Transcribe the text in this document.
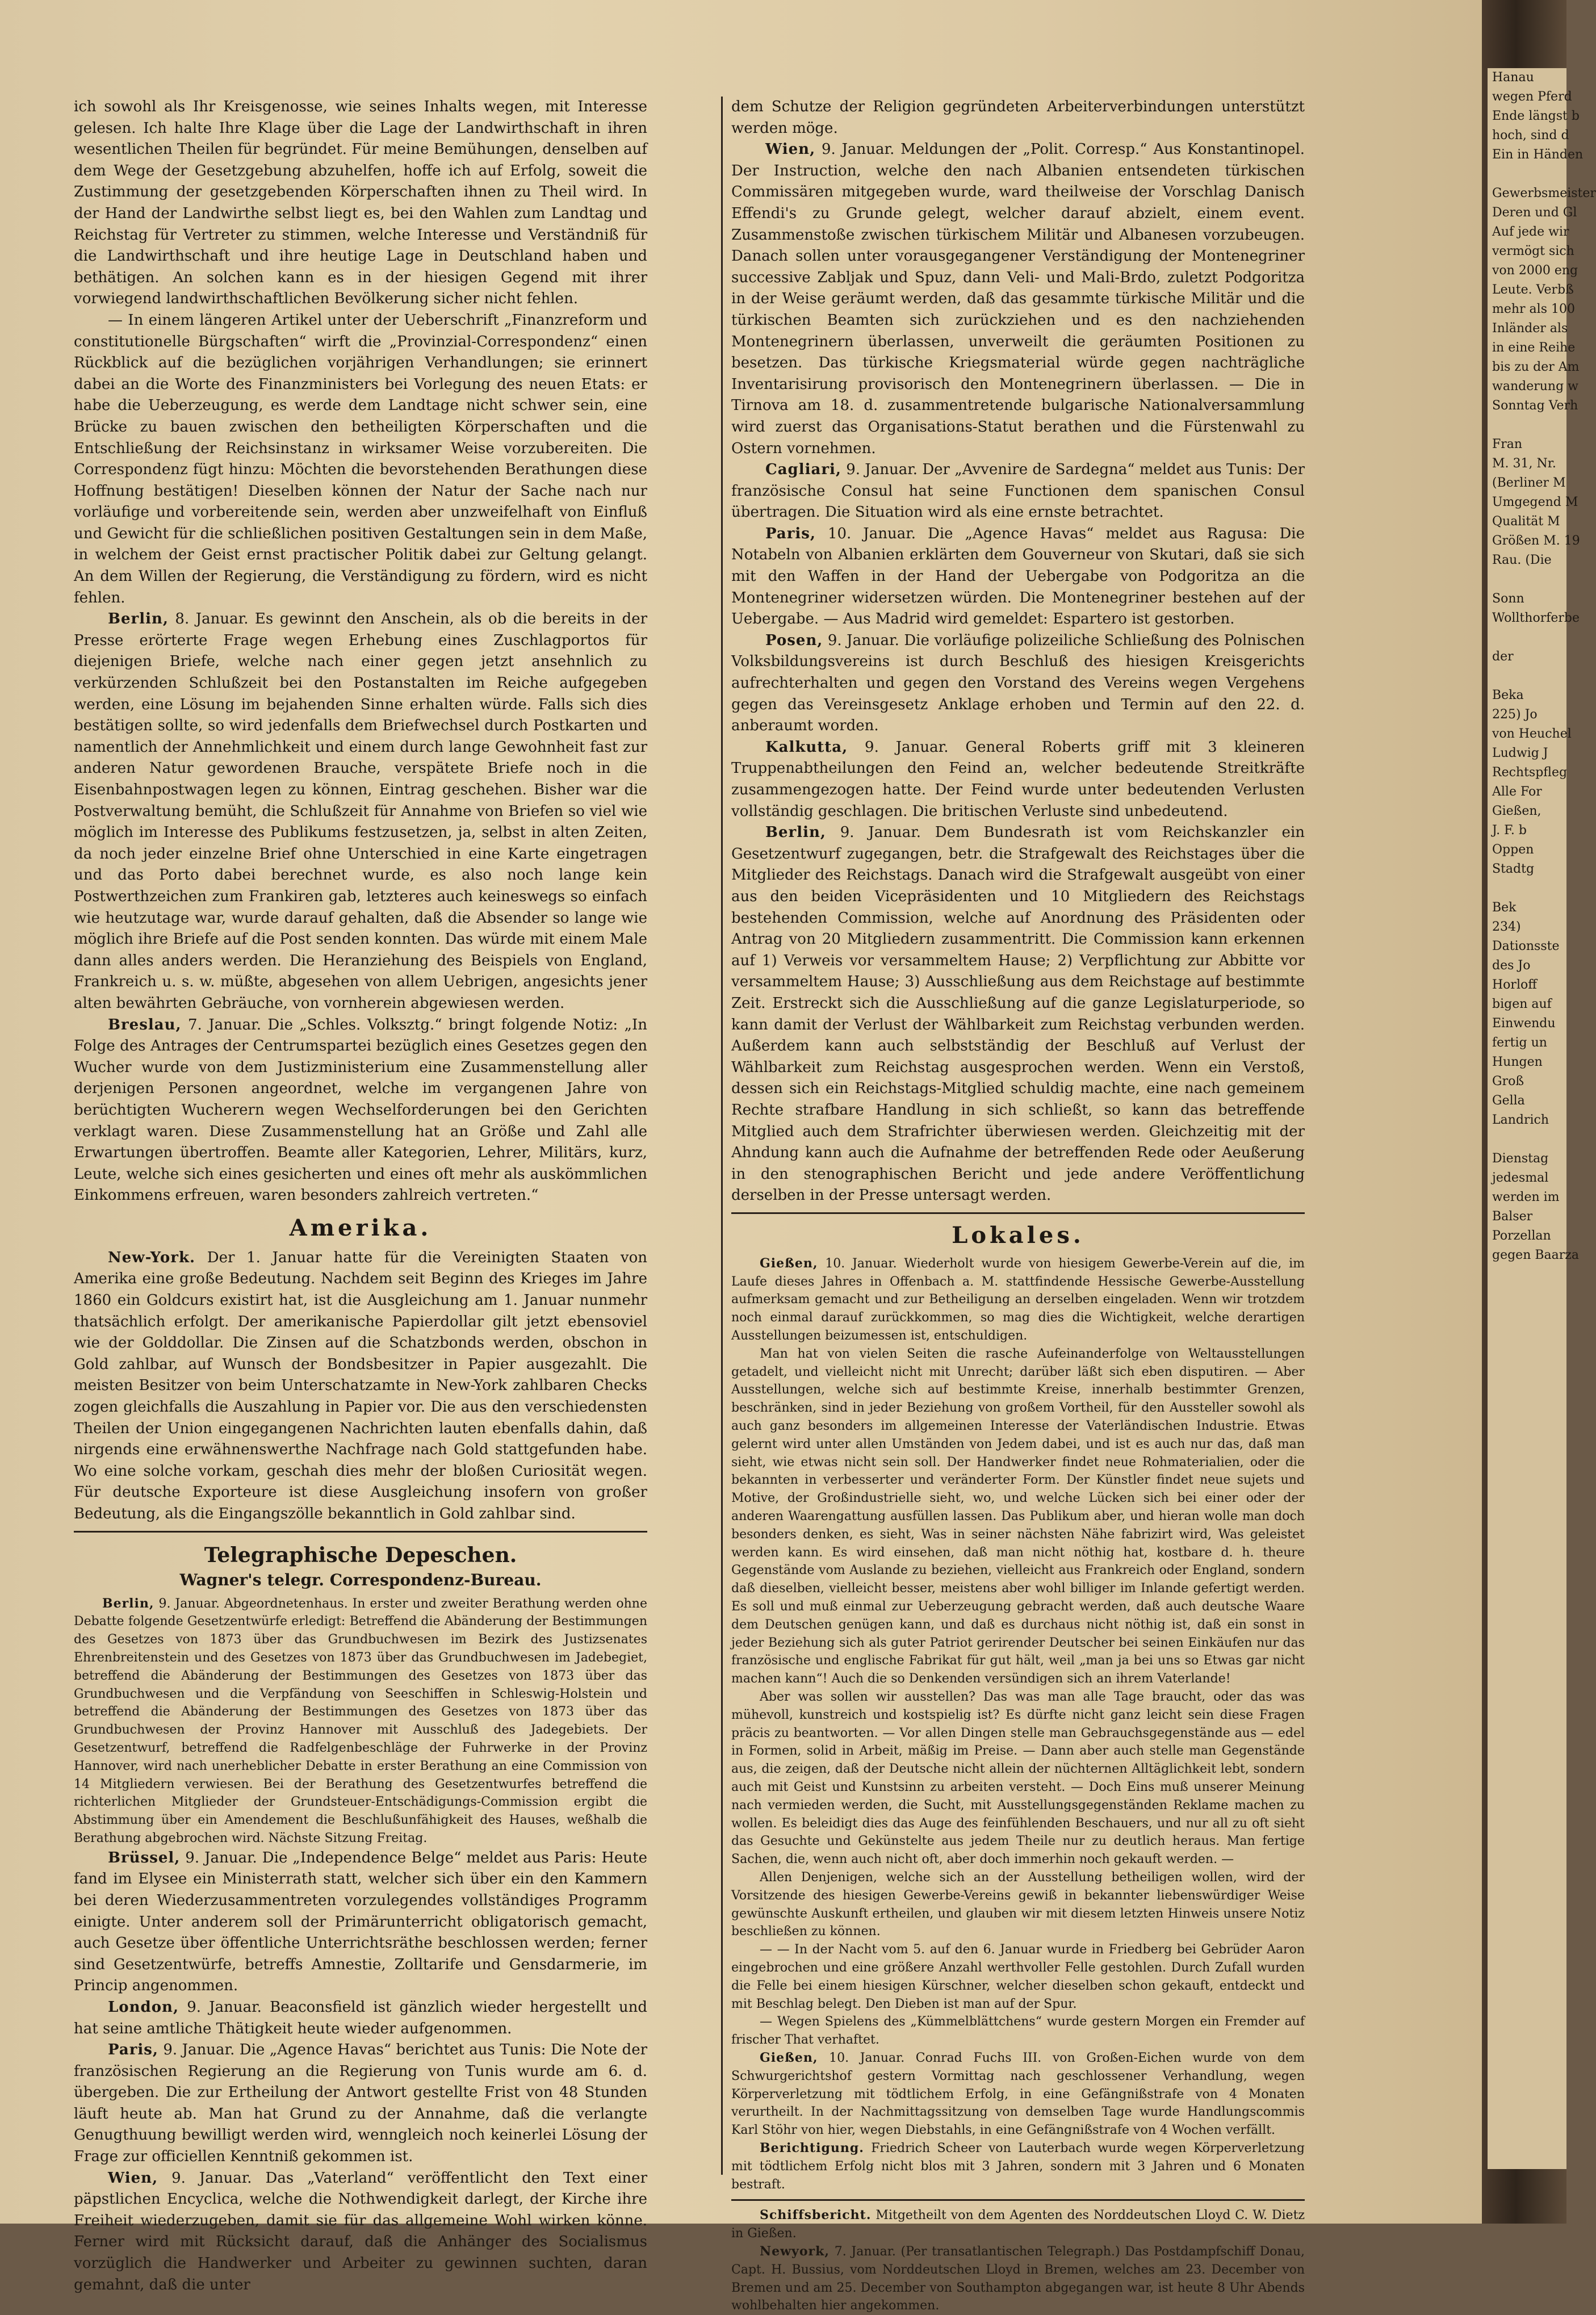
Hanau

wegen Pferd

Ende längst b

hoch, sind d

Ein in Händen

Gewerbsmeister

Deren und Gl

Auf jede wir

vermögt sich

von 2000 eng

Leute. Verbß

mehr als 100

Inländer als

in eine Reihe

bis zu der Am

wanderung w

Sonntag Verh

Fran

M. 31, Nr.

(Berliner M

Umgegend M

Qualität M

Größen M. 19

Rau. (Die

Sonn

Wollthorferbe

der

Beka

225) Jo

von Heuchel

Ludwig J

Rechtspfleg

Alle For

Gießen,

J. F. b

Oppen

Stadtg

Bek

234)

Dationsste

des Jo

Horloff

bigen auf

Einwendu

fertig un

Hungen

Groß

Gella

Landrich

Dienstag

jedesmal

werden im

Balser

Porzellan

gegen Baarza

ich sowohl als Ihr Kreisgenosse, wie seines Inhalts wegen, mit Interesse gelesen. Ich halte Ihre Klage über die Lage der Landwirthschaft in ihren wesentlichen Theilen für begründet. Für meine Bemühungen, denselben auf dem Wege der Gesetzgebung abzuhelfen, hoffe ich auf Erfolg, soweit die Zustimmung der gesetzgebenden Körperschaften ihnen zu Theil wird. In der Hand der Landwirthe selbst liegt es, bei den Wahlen zum Landtag und Reichstag für Vertreter zu stimmen, welche Interesse und Verständniß für die Landwirthschaft und ihre heutige Lage in Deutschland haben und bethätigen. An solchen kann es in der hiesigen Gegend mit ihrer vorwiegend landwirthschaftlichen Bevölkerung sicher nicht fehlen.

— In einem längeren Artikel unter der Ueberschrift „Finanzreform und constitutionelle Bürgschaften“ wirft die „Provinzial-Correspondenz“ einen Rückblick auf die bezüglichen vorjährigen Verhandlungen; sie erinnert dabei an die Worte des Finanzministers bei Vorlegung des neuen Etats: er habe die Ueberzeugung, es werde dem Landtage nicht schwer sein, eine Brücke zu bauen zwischen den betheiligten Körperschaften und die Entschließung der Reichsinstanz in wirksamer Weise vorzubereiten. Die Correspondenz fügt hinzu: Möchten die bevorstehenden Berathungen diese Hoffnung bestätigen! Dieselben können der Natur der Sache nach nur vorläufige und vorbereitende sein, werden aber unzweifelhaft von Einfluß und Gewicht für die schließlichen positiven Gestaltungen sein in dem Maße, in welchem der Geist ernst practischer Politik dabei zur Geltung gelangt. An dem Willen der Regierung, die Verständigung zu fördern, wird es nicht fehlen.

Berlin, 8. Januar. Es gewinnt den Anschein, als ob die bereits in der Presse erörterte Frage wegen Erhebung eines Zuschlagportos für diejenigen Briefe, welche nach einer gegen jetzt ansehnlich zu verkürzenden Schlußzeit bei den Postanstalten im Reiche aufgegeben werden, eine Lösung im bejahenden Sinne erhalten würde. Falls sich dies bestätigen sollte, so wird jedenfalls dem Briefwechsel durch Postkarten und namentlich der Annehmlichkeit und einem durch lange Gewohnheit fast zur anderen Natur gewordenen Brauche, verspätete Briefe noch in die Eisenbahnpostwagen legen zu können, Eintrag geschehen. Bisher war die Postverwaltung bemüht, die Schlußzeit für Annahme von Briefen so viel wie möglich im Interesse des Publikums festzusetzen, ja, selbst in alten Zeiten, da noch jeder einzelne Brief ohne Unterschied in eine Karte eingetragen und das Porto dabei berechnet wurde, es also noch lange kein Postwerthzeichen zum Frankiren gab, letzteres auch keineswegs so einfach wie heutzutage war, wurde darauf gehalten, daß die Absender so lange wie möglich ihre Briefe auf die Post senden konnten. Das würde mit einem Male dann alles anders werden. Die Heranziehung des Beispiels von England, Frankreich u. s. w. müßte, abgesehen von allem Uebrigen, angesichts jener alten bewährten Gebräuche, von vornherein abgewiesen werden.

Breslau, 7. Januar. Die „Schles. Volksztg.“ bringt folgende Notiz: „In Folge des Antrages der Centrumspartei bezüglich eines Gesetzes gegen den Wucher wurde von dem Justizministerium eine Zusammenstellung aller derjenigen Personen angeordnet, welche im vergangenen Jahre von berüchtigten Wucherern wegen Wechselforderungen bei den Gerichten verklagt waren. Diese Zusammenstellung hat an Größe und Zahl alle Erwartungen übertroffen. Beamte aller Kategorien, Lehrer, Militärs, kurz, Leute, welche sich eines gesicherten und eines oft mehr als auskömmlichen Einkommens erfreuen, waren besonders zahlreich vertreten.“

Amerika.

New-York. Der 1. Januar hatte für die Vereinigten Staaten von Amerika eine große Bedeutung. Nachdem seit Beginn des Krieges im Jahre 1860 ein Goldcurs existirt hat, ist die Ausgleichung am 1. Januar nunmehr thatsächlich erfolgt. Der amerikanische Papierdollar gilt jetzt ebensoviel wie der Golddollar. Die Zinsen auf die Schatzbonds werden, obschon in Gold zahlbar, auf Wunsch der Bondsbesitzer in Papier ausgezahlt. Die meisten Besitzer von beim Unterschatzamte in New-York zahlbaren Checks zogen gleichfalls die Auszahlung in Papier vor. Die aus den verschiedensten Theilen der Union eingegangenen Nachrichten lauten ebenfalls dahin, daß nirgends eine erwähnenswerthe Nachfrage nach Gold stattgefunden habe. Wo eine solche vorkam, geschah dies mehr der bloßen Curiosität wegen. Für deutsche Exporteure ist diese Ausgleichung insofern von großer Bedeutung, als die Eingangszölle bekanntlich in Gold zahlbar sind.

Telegraphische Depeschen.
Wagner's telegr. Correspondenz-Bureau.

Berlin, 9. Januar. Abgeordnetenhaus. In erster und zweiter Berathung werden ohne Debatte folgende Gesetzentwürfe erledigt: Betreffend die Abänderung der Bestimmungen des Gesetzes von 1873 über das Grundbuchwesen im Bezirk des Justizsenates Ehrenbreitenstein und des Gesetzes von 1873 über das Grundbuchwesen im Jadebegiet, betreffend die Abänderung der Bestimmungen des Gesetzes von 1873 über das Grundbuchwesen und die Verpfändung von Seeschiffen in Schleswig-Holstein und betreffend die Abänderung der Bestimmungen des Gesetzes von 1873 über das Grundbuchwesen der Provinz Hannover mit Ausschluß des Jadegebiets. Der Gesetzentwurf, betreffend die Radfelgenbeschläge der Fuhrwerke in der Provinz Hannover, wird nach unerheblicher Debatte in erster Berathung an eine Commission von 14 Mitgliedern verwiesen. Bei der Berathung des Gesetzentwurfes betreffend die richterlichen Mitglieder der Grundsteuer-Entschädigungs-Commission ergibt die Abstimmung über ein Amendement die Beschlußunfähigkeit des Hauses, weßhalb die Berathung abgebrochen wird. Nächste Sitzung Freitag.

Brüssel, 9. Januar. Die „Independence Belge“ meldet aus Paris: Heute fand im Elysee ein Ministerrath statt, welcher sich über ein den Kammern bei deren Wiederzusammentreten vorzulegendes vollständiges Programm einigte. Unter anderem soll der Primärunterricht obligatorisch gemacht, auch Gesetze über öffentliche Unterrichtsräthe beschlossen werden; ferner sind Gesetzentwürfe, betreffs Amnestie, Zolltarife und Gensdarmerie, im Princip angenommen.

London, 9. Januar. Beaconsfield ist gänzlich wieder hergestellt und hat seine amtliche Thätigkeit heute wieder aufgenommen.

Paris, 9. Januar. Die „Agence Havas“ berichtet aus Tunis: Die Note der französischen Regierung an die Regierung von Tunis wurde am 6. d. übergeben. Die zur Ertheilung der Antwort gestellte Frist von 48 Stunden läuft heute ab. Man hat Grund zu der Annahme, daß die verlangte Genugthuung bewilligt werden wird, wenngleich noch keinerlei Lösung der Frage zur officiellen Kenntniß gekommen ist.

Wien, 9. Januar. Das „Vaterland“ veröffentlicht den Text einer päpstlichen Encyclica, welche die Nothwendigkeit darlegt, der Kirche ihre Freiheit wiederzugeben, damit sie für das allgemeine Wohl wirken könne. Ferner wird mit Rücksicht darauf, daß die Anhänger des Socialismus vorzüglich die Handwerker und Arbeiter zu gewinnen suchten, daran gemahnt, daß die unter

dem Schutze der Religion gegründeten Arbeiterverbindungen unterstützt werden möge.

Wien, 9. Januar. Meldungen der „Polit. Corresp.“ Aus Konstantinopel. Der Instruction, welche den nach Albanien entsendeten türkischen Commissären mitgegeben wurde, ward theilweise der Vorschlag Danisch Effendi's zu Grunde gelegt, welcher darauf abzielt, einem event. Zusammenstoße zwischen türkischem Militär und Albanesen vorzubeugen. Danach sollen unter vorausgegangener Verständigung der Montenegriner successive Zabljak und Spuz, dann Veli- und Mali-Brdo, zuletzt Podgoritza in der Weise geräumt werden, daß das gesammte türkische Militär und die türkischen Beamten sich zurückziehen und es den nachziehenden Montenegrinern überlassen, unverweilt die geräumten Positionen zu besetzen. Das türkische Kriegsmaterial würde gegen nachträgliche Inventarisirung provisorisch den Montenegrinern überlassen. — Die in Tirnova am 18. d. zusammentretende bulgarische Nationalversammlung wird zuerst das Organisations-Statut berathen und die Fürstenwahl zu Ostern vornehmen.

Cagliari, 9. Januar. Der „Avvenire de Sardegna“ meldet aus Tunis: Der französische Consul hat seine Functionen dem spanischen Consul übertragen. Die Situation wird als eine ernste betrachtet.

Paris, 10. Januar. Die „Agence Havas“ meldet aus Ragusa: Die Notabeln von Albanien erklärten dem Gouverneur von Skutari, daß sie sich mit den Waffen in der Hand der Uebergabe von Podgoritza an die Montenegriner widersetzen würden. Die Montenegriner bestehen auf der Uebergabe. — Aus Madrid wird gemeldet: Espartero ist gestorben.

Posen, 9. Januar. Die vorläufige polizeiliche Schließung des Polnischen Volksbildungsvereins ist durch Beschluß des hiesigen Kreisgerichts aufrechterhalten und gegen den Vorstand des Vereins wegen Vergehens gegen das Vereinsgesetz Anklage erhoben und Termin auf den 22. d. anberaumt worden.

Kalkutta, 9. Januar. General Roberts griff mit 3 kleineren Truppenabtheilungen den Feind an, welcher bedeutende Streitkräfte zusammengezogen hatte. Der Feind wurde unter bedeutenden Verlusten vollständig geschlagen. Die britischen Verluste sind unbedeutend.

Berlin, 9. Januar. Dem Bundesrath ist vom Reichskanzler ein Gesetzentwurf zugegangen, betr. die Strafgewalt des Reichstages über die Mitglieder des Reichstags. Danach wird die Strafgewalt ausgeübt von einer aus den beiden Vicepräsidenten und 10 Mitgliedern des Reichstags bestehenden Commission, welche auf Anordnung des Präsidenten oder Antrag von 20 Mitgliedern zusammentritt. Die Commission kann erkennen auf 1) Verweis vor versammeltem Hause; 2) Verpflichtung zur Abbitte vor versammeltem Hause; 3) Ausschließung aus dem Reichstage auf bestimmte Zeit. Erstreckt sich die Ausschließung auf die ganze Legislaturperiode, so kann damit der Verlust der Wählbarkeit zum Reichstag verbunden werden. Außerdem kann auch selbstständig der Beschluß auf Verlust der Wählbarkeit zum Reichstag ausgesprochen werden. Wenn ein Verstoß, dessen sich ein Reichstags-Mitglied schuldig machte, eine nach gemeinem Rechte strafbare Handlung in sich schließt, so kann das betreffende Mitglied auch dem Strafrichter überwiesen werden. Gleichzeitig mit der Ahndung kann auch die Aufnahme der betreffenden Rede oder Aeußerung in den stenographischen Bericht und jede andere Veröffentlichung derselben in der Presse untersagt werden.

Lokales.

Gießen, 10. Januar. Wiederholt wurde von hiesigem Gewerbe-Verein auf die, im Laufe dieses Jahres in Offenbach a. M. stattfindende Hessische Gewerbe-Ausstellung aufmerksam gemacht und zur Betheiligung an derselben eingeladen. Wenn wir trotzdem noch einmal darauf zurückkommen, so mag dies die Wichtigkeit, welche derartigen Ausstellungen beizumessen ist, entschuldigen.

Man hat von vielen Seiten die rasche Aufeinanderfolge von Weltausstellungen getadelt, und vielleicht nicht mit Unrecht; darüber läßt sich eben disputiren. — Aber Ausstellungen, welche sich auf bestimmte Kreise, innerhalb bestimmter Grenzen, beschränken, sind in jeder Beziehung von großem Vortheil, für den Aussteller sowohl als auch ganz besonders im allgemeinen Interesse der Vaterländischen Industrie. Etwas gelernt wird unter allen Umständen von Jedem dabei, und ist es auch nur das, daß man sieht, wie etwas nicht sein soll. Der Handwerker findet neue Rohmaterialien, oder die bekannten in verbesserter und veränderter Form. Der Künstler findet neue sujets und Motive, der Großindustrielle sieht, wo, und welche Lücken sich bei einer oder der anderen Waarengattung ausfüllen lassen. Das Publikum aber, und hieran wolle man doch besonders denken, es sieht, Was in seiner nächsten Nähe fabrizirt wird, Was geleistet werden kann. Es wird einsehen, daß man nicht nöthig hat, kostbare d. h. theure Gegenstände vom Auslande zu beziehen, vielleicht aus Frankreich oder England, sondern daß dieselben, vielleicht besser, meistens aber wohl billiger im Inlande gefertigt werden. Es soll und muß einmal zur Ueberzeugung gebracht werden, daß auch deutsche Waare dem Deutschen genügen kann, und daß es durchaus nicht nöthig ist, daß ein sonst in jeder Beziehung sich als guter Patriot gerirender Deutscher bei seinen Einkäufen nur das französische und englische Fabrikat für gut hält, weil „man ja bei uns so Etwas gar nicht machen kann“! Auch die so Denkenden versündigen sich an ihrem Vaterlande!

Aber was sollen wir ausstellen? Das was man alle Tage braucht, oder das was mühevoll, kunstreich und kostspielig ist? Es dürfte nicht ganz leicht sein diese Fragen präcis zu beantworten. — Vor allen Dingen stelle man Gebrauchsgegenstände aus — edel in Formen, solid in Arbeit, mäßig im Preise. — Dann aber auch stelle man Gegenstände aus, die zeigen, daß der Deutsche nicht allein der nüchternen Alltäglichkeit lebt, sondern auch mit Geist und Kunstsinn zu arbeiten versteht. — Doch Eins muß unserer Meinung nach vermieden werden, die Sucht, mit Ausstellungsgegenständen Reklame machen zu wollen. Es beleidigt dies das Auge des feinfühlenden Beschauers, und nur all zu oft sieht das Gesuchte und Gekünstelte aus jedem Theile nur zu deutlich heraus. Man fertige Sachen, die, wenn auch nicht oft, aber doch immerhin noch gekauft werden. —

Allen Denjenigen, welche sich an der Ausstellung betheiligen wollen, wird der Vorsitzende des hiesigen Gewerbe-Vereins gewiß in bekannter liebenswürdiger Weise gewünschte Auskunft ertheilen, und glauben wir mit diesem letzten Hinweis unsere Notiz beschließen zu können.

— — In der Nacht vom 5. auf den 6. Januar wurde in Friedberg bei Gebrüder Aaron eingebrochen und eine größere Anzahl werthvoller Felle gestohlen. Durch Zufall wurden die Felle bei einem hiesigen Kürschner, welcher dieselben schon gekauft, entdeckt und mit Beschlag belegt. Den Dieben ist man auf der Spur.

— Wegen Spielens des „Kümmelblättchens“ wurde gestern Morgen ein Fremder auf frischer That verhaftet.

Gießen, 10. Januar. Conrad Fuchs III. von Großen-Eichen wurde von dem Schwurgerichtshof gestern Vormittag nach geschlossener Verhandlung, wegen Körperverletzung mit tödtlichem Erfolg, in eine Gefängnißstrafe von 4 Monaten verurtheilt. In der Nachmittagssitzung von demselben Tage wurde Handlungscommis Karl Stöhr von hier, wegen Diebstahls, in eine Gefängnißstrafe von 4 Wochen verfällt.

Berichtigung. Friedrich Scheer von Lauterbach wurde wegen Körperverletzung mit tödtlichem Erfolg nicht blos mit 3 Jahren, sondern mit 3 Jahren und 6 Monaten bestraft.

Schiffsbericht. Mitgetheilt von dem Agenten des Norddeutschen Lloyd C. W. Dietz in Gießen.

Newyork, 7. Januar. (Per transatlantischen Telegraph.) Das Postdampfschiff Donau, Capt. H. Bussius, vom Norddeutschen Lloyd in Bremen, welches am 23. December von Bremen und am 25. December von Southampton abgegangen war, ist heute 8 Uhr Abends wohlbehalten hier angekommen.
